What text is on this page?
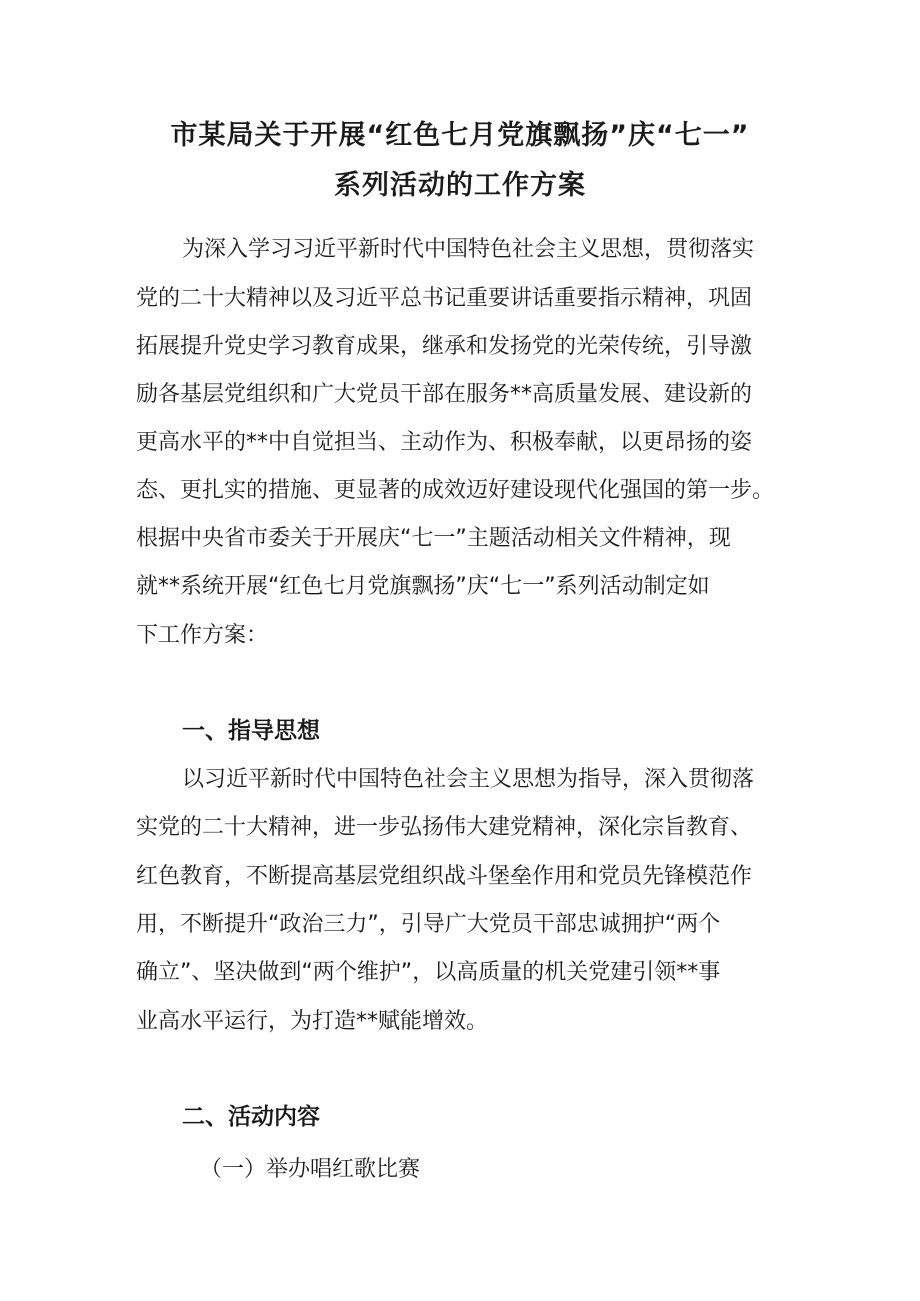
市某局关于开展“红色七月党旗飘扬”庆“七一”
系列活动的工作方案
为深入学习习近平新时代中国特色社会主义思想，贯彻落实
党的二十大精神以及习近平总书记重要讲话重要指示精神，巩固
拓展提升党史学习教育成果，继承和发扬党的光荣传统，引导激
励各基层党组织和广大党员干部在服务**高质量发展、建设新的
更高水平的**中自觉担当、主动作为、积极奉献，以更昂扬的姿
态、更扎实的措施、更显著的成效迈好建设现代化强国的第一步。
根据中央省市委关于开展庆“七一”主题活动相关文件精神，现
就**系统开展“红色七月党旗飘扬”庆“七一”系列活动制定如
下工作方案：
一、指导思想
以习近平新时代中国特色社会主义思想为指导，深入贯彻落
实党的二十大精神，进一步弘扬伟大建党精神，深化宗旨教育、
红色教育，不断提高基层党组织战斗堡垒作用和党员先锋模范作
用，不断提升“政治三力”，引导广大党员干部忠诚拥护“两个
确立”、坚决做到“两个维护”，以高质量的机关党建引领**事
业高水平运行，为打造**赋能增效。
二、活动内容
（一）举办唱红歌比赛
